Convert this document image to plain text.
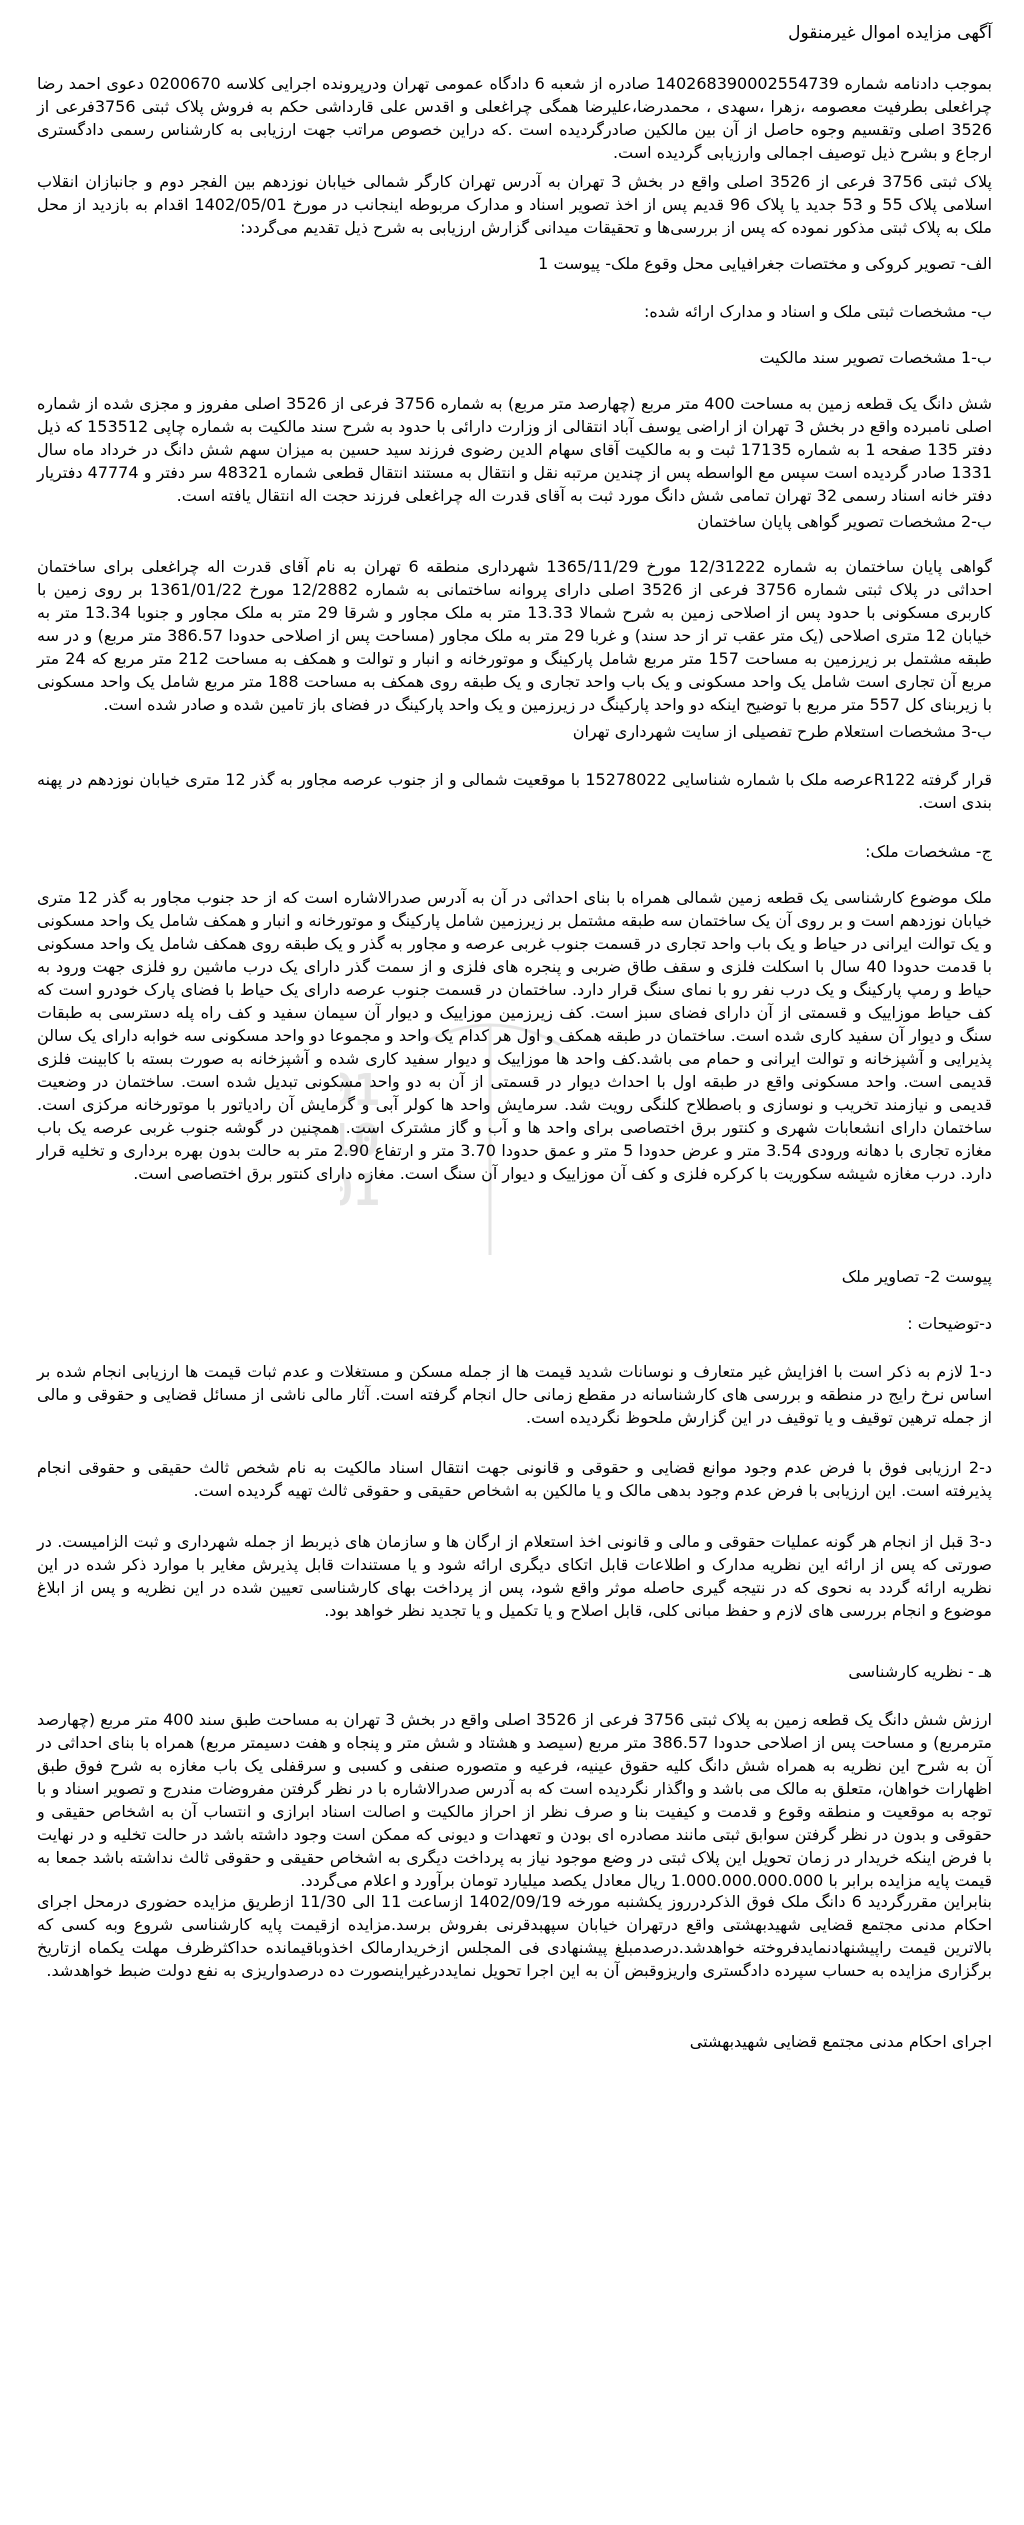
01
10
01

آگهی مزایده اموال غیرمنقول

بموجب دادنامه شماره 140268390002554739 صادره از شعبه 6 دادگاه عمومی تهران ودرپرونده اجرایی کلاسه 0200670 دعوی احمد رضا چراغعلی بطرفیت معصومه ،زهرا ،سهدی ، محمدرضا،علیرضا همگی چراغعلی و اقدس علی قارداشی حکم به فروش پلاک ثبتی 3756فرعی از 3526 اصلی وتقسیم وجوه حاصل از آن بین مالکین صادرگردیده است .که دراین خصوص مراتب جهت ارزیابی به کارشناس رسمی دادگستری ارجاع و بشرح ذیل توصیف اجمالی وارزیابی گردیده است.

پلاک ثبتی 3756 فرعی از 3526 اصلی واقع در بخش 3 تهران به آدرس تهران کارگر شمالی خیابان نوزدهم بین الفجر دوم و جانبازان انقلاب اسلامی پلاک 55 و 53 جدید یا پلاک 96 قدیم پس از اخذ تصویر اسناد و مدارک مربوطه اینجانب در مورخ 1402/05/01 اقدام به بازدید از محل ملک به پلاک ثبتی مذکور نموده که پس از بررسی‌ها و تحقیقات میدانی گزارش ارزیابی به شرح ذیل تقدیم می‌گردد:

الف- تصویر کروکی و مختصات جغرافیایی محل وقوع ملک- پیوست 1

ب- مشخصات ثبتی ملک و اسناد و مدارک ارائه شده:

ب-1 مشخصات تصویر سند مالکیت

شش دانگ یک قطعه زمین به مساحت 400 متر مربع (چهارصد متر مربع) به شماره 3756 فرعی از 3526 اصلی مفروز و مجزی شده از شماره اصلی نامبرده واقع در بخش 3 تهران از اراضی یوسف آباد انتقالی از وزارت دارائی با حدود به شرح سند مالکیت به شماره چاپی 153512 که ذیل دفتر 135 صفحه 1 به شماره 17135 ثبت و به مالکیت آقای سهام الدین رضوی فرزند سید حسین به میزان سهم شش دانگ در خرداد ماه سال 1331 صادر گردیده است سپس مع الواسطه پس از چندین مرتبه نقل و انتقال به مستند انتقال قطعی شماره 48321 سر دفتر و 47774 دفتریار دفتر خانه اسناد رسمی 32 تهران تمامی شش دانگ مورد ثبت به آقای قدرت اله چراغعلی فرزند حجت اله انتقال یافته است.

ب-2 مشخصات تصویر گواهی پایان ساختمان

گواهی پایان ساختمان به شماره 12/31222 مورخ 1365/11/29 شهرداری منطقه 6 تهران به نام آقای قدرت اله چراغعلی برای ساختمان احداثی در پلاک ثبتی شماره 3756 فرعی از 3526 اصلی دارای پروانه ساختمانی به شماره 12/2882 مورخ 1361/01/22 بر روی زمین با کاربری مسکونی با حدود پس از اصلاحی زمین به شرح شمالا 13.33 متر به ملک مجاور و شرقا 29 متر به ملک مجاور و جنوبا 13.34 متر به خیابان 12 متری اصلاحی (یک متر عقب تر از حد سند) و غربا 29 متر به ملک مجاور (مساحت پس از اصلاحی حدودا 386.57 متر مربع) و در سه طبقه مشتمل بر زیرزمین به مساحت 157 متر مربع شامل پارکینگ و موتورخانه و انبار و توالت و همکف به مساحت 212 متر مربع که 24 متر مربع آن تجاری است شامل یک واحد مسکونی و یک باب واحد تجاری و یک طبقه روی همکف به مساحت 188 متر مربع شامل یک واحد مسکونی با زیربنای کل 557 متر مربع با توضیح اینکه دو واحد پارکینگ در زیرزمین و یک واحد پارکینگ در فضای باز تامین شده و صادر شده است.

ب-3 مشخصات استعلام طرح تفصیلی از سایت شهرداری تهران

قرار گرفته R122عرصه ملک با شماره شناسایی 15278022 با موقعیت شمالی و از جنوب عرصه مجاور به گذر 12 متری خیابان نوزدهم در پهنه بندی است.

ج- مشخصات ملک:

ملک موضوع کارشناسی یک قطعه زمین شمالی همراه با بنای احداثی در آن به آدرس صدرالاشاره است که از حد جنوب مجاور به گذر 12 متری خیابان نوزدهم است و بر روی آن یک ساختمان سه طبقه مشتمل بر زیرزمین شامل پارکینگ و موتورخانه و انبار و همکف شامل یک واحد مسکونی و یک توالت ایرانی در حیاط و یک باب واحد تجاری در قسمت جنوب غربی عرصه و مجاور به گذر و یک طبقه روی همکف شامل یک واحد مسکونی با قدمت حدودا 40 سال با اسکلت فلزی و سقف طاق ضربی و پنجره های فلزی و از سمت گذر دارای یک درب ماشین رو فلزی جهت ورود به حیاط و رمپ پارکینگ و یک درب نفر رو با نمای سنگ قرار دارد. ساختمان در قسمت جنوب عرصه دارای یک حیاط با فضای پارک خودرو است که کف حیاط موزاییک و قسمتی از آن دارای فضای سبز است. کف زیرزمین موزاییک و دیوار آن سیمان سفید و کف راه پله دسترسی به طبقات سنگ و دیوار آن سفید کاری شده است. ساختمان در طبقه همکف و اول هر کدام یک واحد و مجموعا دو واحد مسکونی سه خوابه دارای یک سالن پذیرایی و آشپزخانه و توالت ایرانی و حمام می باشد.کف واحد ها موزاییک و دیوار سفید کاری شده و آشپزخانه به صورت بسته با کابینت فلزی قدیمی است. واحد مسکونی واقع در طبقه اول با احداث دیوار در قسمتی از آن به دو واحد مسکونی تبدیل شده است. ساختمان در وضعیت قدیمی و نیازمند تخریب و نوسازی و باصطلاح کلنگی رویت شد. سرمایش واحد ها کولر آبی و گرمایش آن رادیاتور با موتورخانه مرکزی است. ساختمان دارای انشعابات شهری و کنتور برق اختصاصی برای واحد ها و آب و گاز مشترک است. همچنین در گوشه جنوب غربی عرصه یک باب مغازه تجاری با دهانه ورودی 3.54 متر و عرض حدودا 5 متر و عمق حدودا 3.70 متر و ارتفاع 2.90 متر به حالت بدون بهره برداری و تخلیه قرار دارد. درب مغازه شیشه سکوریت با کرکره فلزی و کف آن موزاییک و دیوار آن سنگ است. مغازه دارای کنتور برق اختصاصی است.

پیوست 2- تصاویر ملک

د-توضیحات :

د-1 لازم به ذکر است با افزایش غیر متعارف و نوسانات شدید قیمت ها از جمله مسکن و مستغلات و عدم ثبات قیمت ها ارزیابی انجام شده بر اساس نرخ رایج در منطقه و بررسی های کارشناسانه در مقطع زمانی حال انجام گرفته است. آثار مالی ناشی از مسائل قضایی و حقوقی و مالی از جمله ترهین توقیف و یا توقیف در این گزارش ملحوظ نگردیده است.

د-2 ارزیابی فوق با فرض عدم وجود موانع قضایی و حقوقی و قانونی جهت انتقال اسناد مالکیت به نام شخص ثالث حقیقی و حقوقی انجام پذیرفته است. این ارزیابی با فرض عدم وجود بدهی مالک و یا مالکین به اشخاص حقیقی و حقوقی ثالث تهیه گردیده است.

د-3 قبل از انجام هر گونه عملیات حقوقی و مالی و قانونی اخذ استعلام از ارگان ها و سازمان های ذیربط از جمله شهرداری و ثبت الزامیست. در صورتی که پس از ارائه این نظریه مدارک و اطلاعات قابل اتکای دیگری ارائه شود و یا مستندات قابل پذیرش مغایر با موارد ذکر شده در این نظریه ارائه گردد به نحوی که در نتیجه گیری حاصله موثر واقع شود، پس از پرداخت بهای کارشناسی تعیین شده در این نظریه و پس از ابلاغ موضوع و انجام بررسی های لازم و حفظ مبانی کلی، قابل اصلاح و یا تکمیل و یا تجدید نظر خواهد بود.

هـ - نظریه کارشناسی

ارزش شش دانگ یک قطعه زمین به پلاک ثبتی 3756 فرعی از 3526 اصلی واقع در بخش 3 تهران به مساحت طبق سند 400 متر مربع (چهارصد مترمربع) و مساحت پس از اصلاحی حدودا 386.57 متر مربع (سیصد و هشتاد و شش متر و پنجاه و هفت دسیمتر مربع) همراه با بنای احداثی در آن به شرح این نظریه به همراه شش دانگ کلیه حقوق عینیه، فرعیه و متصوره صنفی و کسبی و سرقفلی یک باب مغازه به شرح فوق طبق اظهارات خواهان، متعلق به مالک می باشد و واگذار نگردیده است که به آدرس صدرالاشاره با در نظر گرفتن مفروضات مندرج و تصویر اسناد و با توجه به موقعیت و منطقه وقوع و قدمت و کیفیت بنا و صرف نظر از احراز مالکیت و اصالت اسناد ابرازی و انتساب آن به اشخاص حقیقی و حقوقی و بدون در نظر گرفتن سوابق ثبتی مانند مصادره ای بودن و تعهدات و دیونی که ممکن است وجود داشته باشد در حالت تخلیه و در نهایت با فرض اینکه خریدار در زمان تحویل این پلاک ثبتی در وضع موجود نیاز به پرداخت دیگری به اشخاص حقیقی و حقوقی ثالث نداشته باشد جمعا به قیمت پایه مزایده برابر با 1.000.000.000.000 ریال معادل یکصد میلیارد تومان برآورد و اعلام می‌گردد.

بنابراین مقررگردید 6 دانگ ملک فوق الذکردرروز یکشنبه مورخه 1402/09/19 ازساعت 11 الی 11/30 ازطریق مزایده حضوری درمحل اجرای احکام مدنی مجتمع قضایی شهیدبهشتی واقع درتهران خیابان سپهبدقرنی بفروش برسد.مزایده ازقیمت پایه کارشناسی شروع وبه کسی که بالاترین قیمت راپیشنهادنمایدفروخته خواهدشد.درصدمبلغ پیشنهادی فی المجلس ازخریدارمالک اخذوباقیمانده حداکثرظرف مهلت یکماه ازتاریخ برگزاری مزایده به حساب سپرده دادگستری واریزوقبض آن به این اجرا تحویل نمایددرغیراینصورت ده درصدواریزی به نفع دولت ضبط خواهدشد.

اجرای احکام مدنی مجتمع قضایی شهیدبهشتی
